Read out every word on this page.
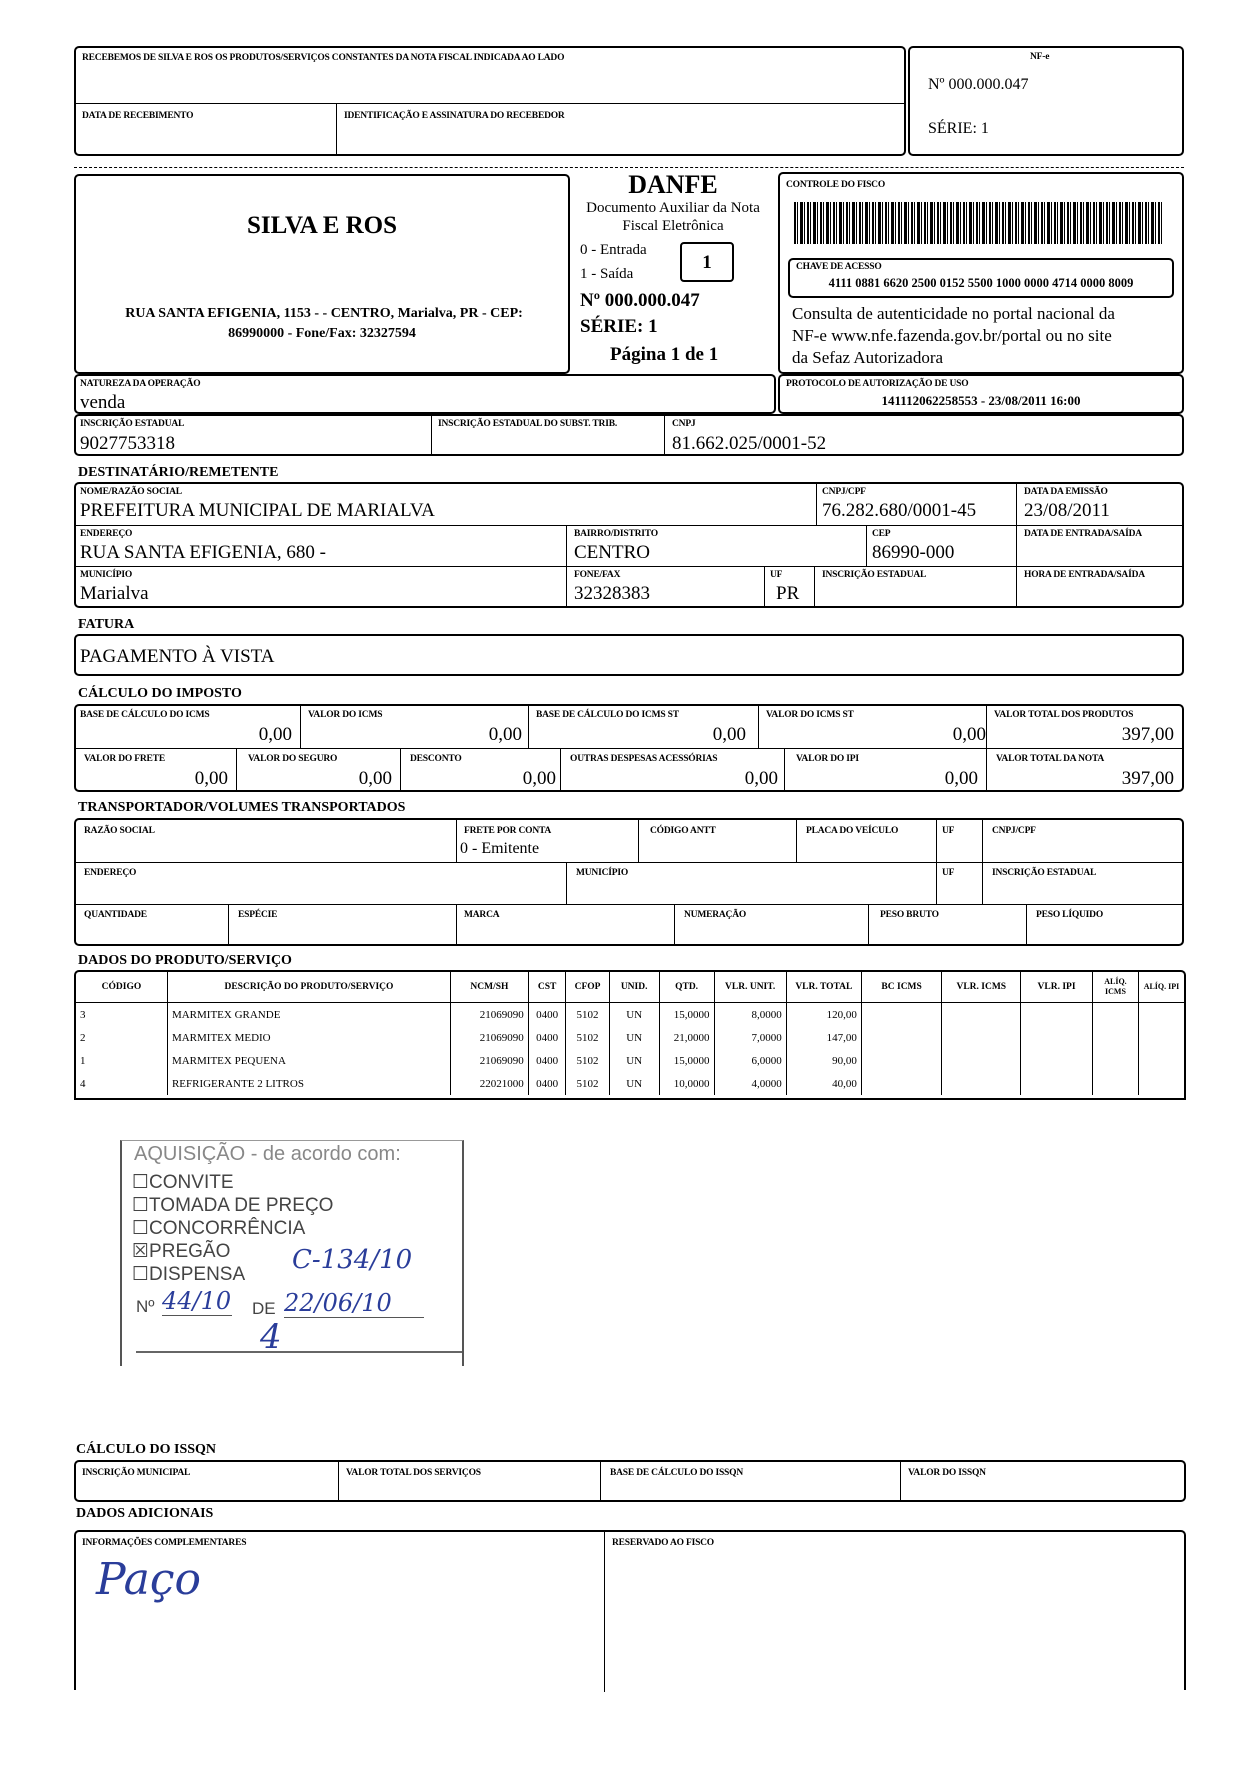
RECEBEMOS DE SILVA E ROS OS PRODUTOS/SERVIÇOS CONSTANTES DA NOTA FISCAL INDICADA AO LADO
DATA DE RECEBIMENTO	IDENTIFICAÇÃO E ASSINATURA DO RECEBEDOR
NF-e
Nº 000.000.047
SÉRIE: 1
SILVA E ROS
RUA SANTA EFIGENIA, 1153 - - CENTRO, Marialva, PR - CEP:
86990000 - Fone/Fax: 32327594
DANFE
Documento Auxiliar da Nota
Fiscal Eletrônica
0 - Entrada
1 - Saída
1
Nº 000.000.047
SÉRIE: 1
Página 1 de 1
CONTROLE DO FISCO
CHAVE DE ACESSO
4111 0881 6620 2500 0152 5500 1000 0000 4714 0000 8009
Consulta de autenticidade no portal nacional da
NF-e www.nfe.fazenda.gov.br/portal ou no site
da Sefaz Autorizadora
NATUREZA DA OPERAÇÃO
venda
PROTOCOLO DE AUTORIZAÇÃO DE USO
141112062258553 - 23/08/2011 16:00
INSCRIÇÃO ESTADUAL
9027753318
INSCRIÇÃO ESTADUAL DO SUBST. TRIB.	CNPJ
81.662.025/0001-52
DESTINATÁRIO/REMETENTE
NOME/RAZÃO SOCIAL
PREFEITURA MUNICIPAL DE MARIALVA
CNPJ/CPF
76.282.680/0001-45
DATA DA EMISSÃO
23/08/2011
ENDEREÇO
RUA SANTA EFIGENIA, 680 -
BAIRRO/DISTRITO
CENTRO
CEP
86990-000
DATA DE ENTRADA/SAÍDA
MUNICÍPIO
Marialva
FONE/FAX
32328383
UF
PR
INSCRIÇÃO ESTADUAL	HORA DE ENTRADA/SAÍDA
FATURA
PAGAMENTO À VISTA
CÁLCULO DO IMPOSTO
BASE DE CÁLCULO DO ICMS
0,00
VALOR DO ICMS
0,00
BASE DE CÁLCULO DO ICMS ST
0,00
VALOR DO ICMS ST
0,00
VALOR TOTAL DOS PRODUTOS
397,00
VALOR DO FRETE
0,00
VALOR DO SEGURO
0,00
DESCONTO
0,00
OUTRAS DESPESAS ACESSÓRIAS
0,00
VALOR DO IPI
0,00
VALOR TOTAL DA NOTA
397,00
TRANSPORTADOR/VOLUMES TRANSPORTADOS
RAZÃO SOCIAL	FRETE POR CONTA
0 - Emitente
CÓDIGO ANTT	PLACA DO VEÍCULO	UF	CNPJ/CPF
ENDEREÇO	MUNICÍPIO	UF	INSCRIÇÃO ESTADUAL
QUANTIDADE	ESPÉCIE	MARCA	NUMERAÇÃO	PESO BRUTO	PESO LÍQUIDO
DADOS DO PRODUTO/SERVIÇO
CÓDIGO	DESCRIÇÃO DO PRODUTO/SERVIÇO	NCM/SH	CST	CFOP	UNID.	QTD.	VLR. UNIT.	VLR. TOTAL	BC ICMS	VLR. ICMS	VLR. IPI	ALÍQ. ICMS	ALÍQ. IPI
3	MARMITEX GRANDE	21069090	0400	5102	UN	15,0000	8,0000	120,00					
2	MARMITEX MEDIO	21069090	0400	5102	UN	21,0000	7,0000	147,00					
1	MARMITEX PEQUENA	21069090	0400	5102	UN	15,0000	6,0000	90,00					
4	REFRIGERANTE 2 LITROS	22021000	0400	5102	UN	10,0000	4,0000	40,00					
AQUISIÇÃO - de acordo com:
☐CONVITE
☐TOMADA DE PREÇO
☐CONCORRÊNCIA
☒PREGÃO
☐DISPENSA C-134/10
Nº 44/10 DE 22/06/10
4
CÁLCULO DO ISSQN
INSCRIÇÃO MUNICIPAL	VALOR TOTAL DOS SERVIÇOS	BASE DE CÁLCULO DO ISSQN	VALOR DO ISSQN
DADOS ADICIONAIS
INFORMAÇÕES COMPLEMENTARES
Paço
RESERVADO AO FISCO
